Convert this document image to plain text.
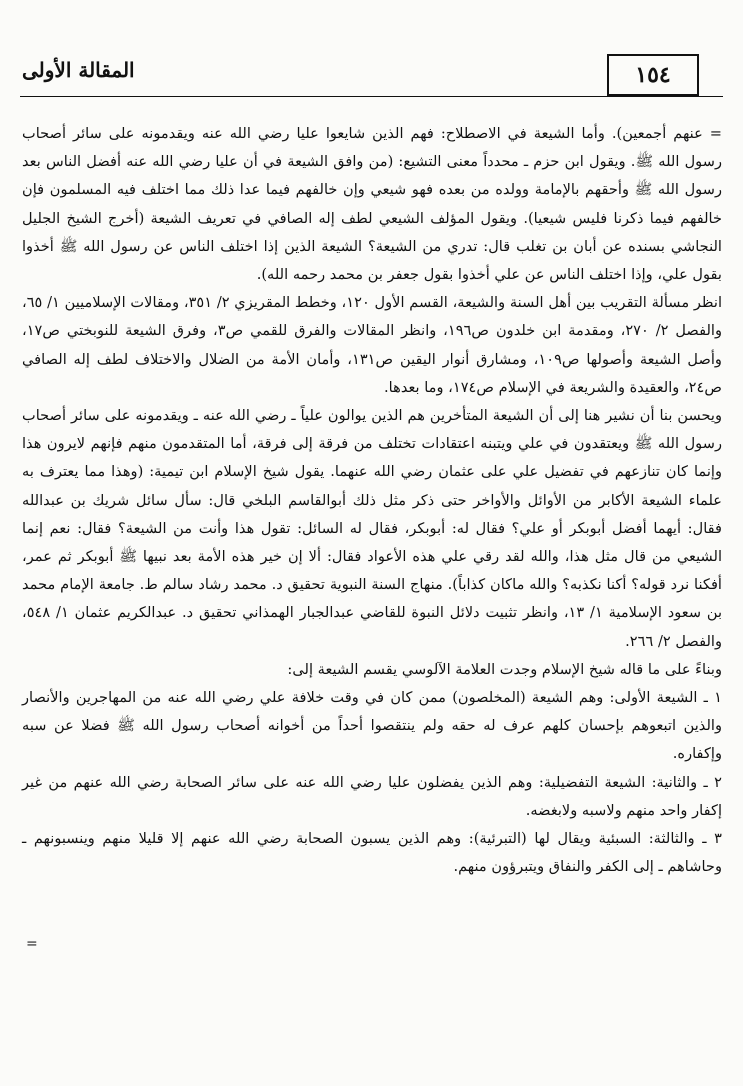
١٥٤
المقالة الأولى

= عنهم أجمعين). وأما الشيعة في الاصطلاح: فهم الذين شايعوا عليا رضي الله عنه ويقدمونه على سائر أصحاب رسول الله ﷺ. ويقول ابن حزم ـ محدداً معنى التشيع: (من وافق الشيعة في أن عليا رضي الله عنه أفضل الناس بعد رسول الله ﷺ وأحقهم بالإمامة وولده من بعده فهو شيعي وإن خالفهم فيما عدا ذلك مما اختلف فيه المسلمون فإن خالفهم فيما ذكرنا فليس شيعيا). ويقول المؤلف الشيعي لطف إله الصافي في تعريف الشيعة (أخرج الشيخ الجليل النجاشي بسنده عن أبان بن تغلب قال: تدري من الشيعة؟ الشيعة الذين إذا اختلف الناس عن رسول الله ﷺ أخذوا بقول علي، وإذا اختلف الناس عن علي أخذوا بقول جعفر بن محمد رحمه الله).

انظر مسألة التقريب بين أهل السنة والشيعة، القسم الأول ١٢٠، وخطط المقريزي ٢/ ٣٥١، ومقالات الإسلاميين ١/ ٦٥، والفصل ٢/ ٢٧٠، ومقدمة ابن خلدون ص١٩٦، وانظر المقالات والفرق للقمي ص٣، وفرق الشيعة للنوبختي ص١٧، وأصل الشيعة وأصولها ص١٠٩، ومشارق أنوار اليقين ص١٣١، وأمان الأمة من الضلال والاختلاف لطف إله الصافي ص٢٤، والعقيدة والشريعة في الإسلام ص١٧٤، وما بعدها.

ويحسن بنا أن نشير هنا إلى أن الشيعة المتأخرين هم الذين يوالون علياً ـ رضي الله عنه ـ ويقدمونه على سائر أصحاب رسول الله ﷺ ويعتقدون في علي ويتبنه اعتقادات تختلف من فرقة إلى فرقة، أما المتقدمون منهم فإنهم لايرون هذا وإنما كان تنازعهم في تفضيل علي على عثمان رضي الله عنهما. يقول شيخ الإسلام ابن تيمية: (وهذا مما يعترف به علماء الشيعة الأكابر من الأوائل والأواخر حتى ذكر مثل ذلك أبوالقاسم البلخي قال: سأل سائل شريك بن عبدالله فقال: أيهما أفضل أبوبكر أو علي؟ فقال له: أبوبكر، فقال له السائل: تقول هذا وأنت من الشيعة؟ فقال: نعم إنما الشيعي من قال مثل هذا، والله لقد رقي علي هذه الأعواد فقال: ألا إن خير هذه الأمة بعد نبيها ﷺ أبوبكر ثم عمر، أفكنا نرد قوله؟ أكنا نكذبه؟ والله ماكان كذاباً). منهاج السنة النبوية تحقيق د. محمد رشاد سالم ط. جامعة الإمام محمد بن سعود الإسلامية ١/ ١٣، وانظر تثبيت دلائل النبوة للقاضي عبدالجبار الهمذاني تحقيق د. عبدالكريم عثمان ١/ ٥٤٨، والفصل ٢/ ٢٦٦.

وبناءً على ما قاله شيخ الإسلام وجدت العلامة الآلوسي يقسم الشيعة إلى:

١ ـ الشيعة الأولى: وهم الشيعة (المخلصون) ممن كان في وقت خلافة علي رضي الله عنه من المهاجرين والأنصار والذين اتبعوهم بإحسان كلهم عرف له حقه ولم ينتقصوا أحداً من أخوانه أصحاب رسول الله ﷺ فضلا عن سبه وإكفاره.
٢ ـ والثانية: الشيعة التفضيلية: وهم الذين يفضلون عليا رضي الله عنه على سائر الصحابة رضي الله عنهم من غير إكفار واحد منهم ولاسبه ولابغضه.
٣ ـ والثالثة: السبئية ويقال لها (التبرئية): وهم الذين يسبون الصحابة رضي الله عنهم إلا قليلا منهم وينسبونهم ـ وحاشاهم ـ إلى الكفر والنفاق ويتبرؤون منهم.
=
